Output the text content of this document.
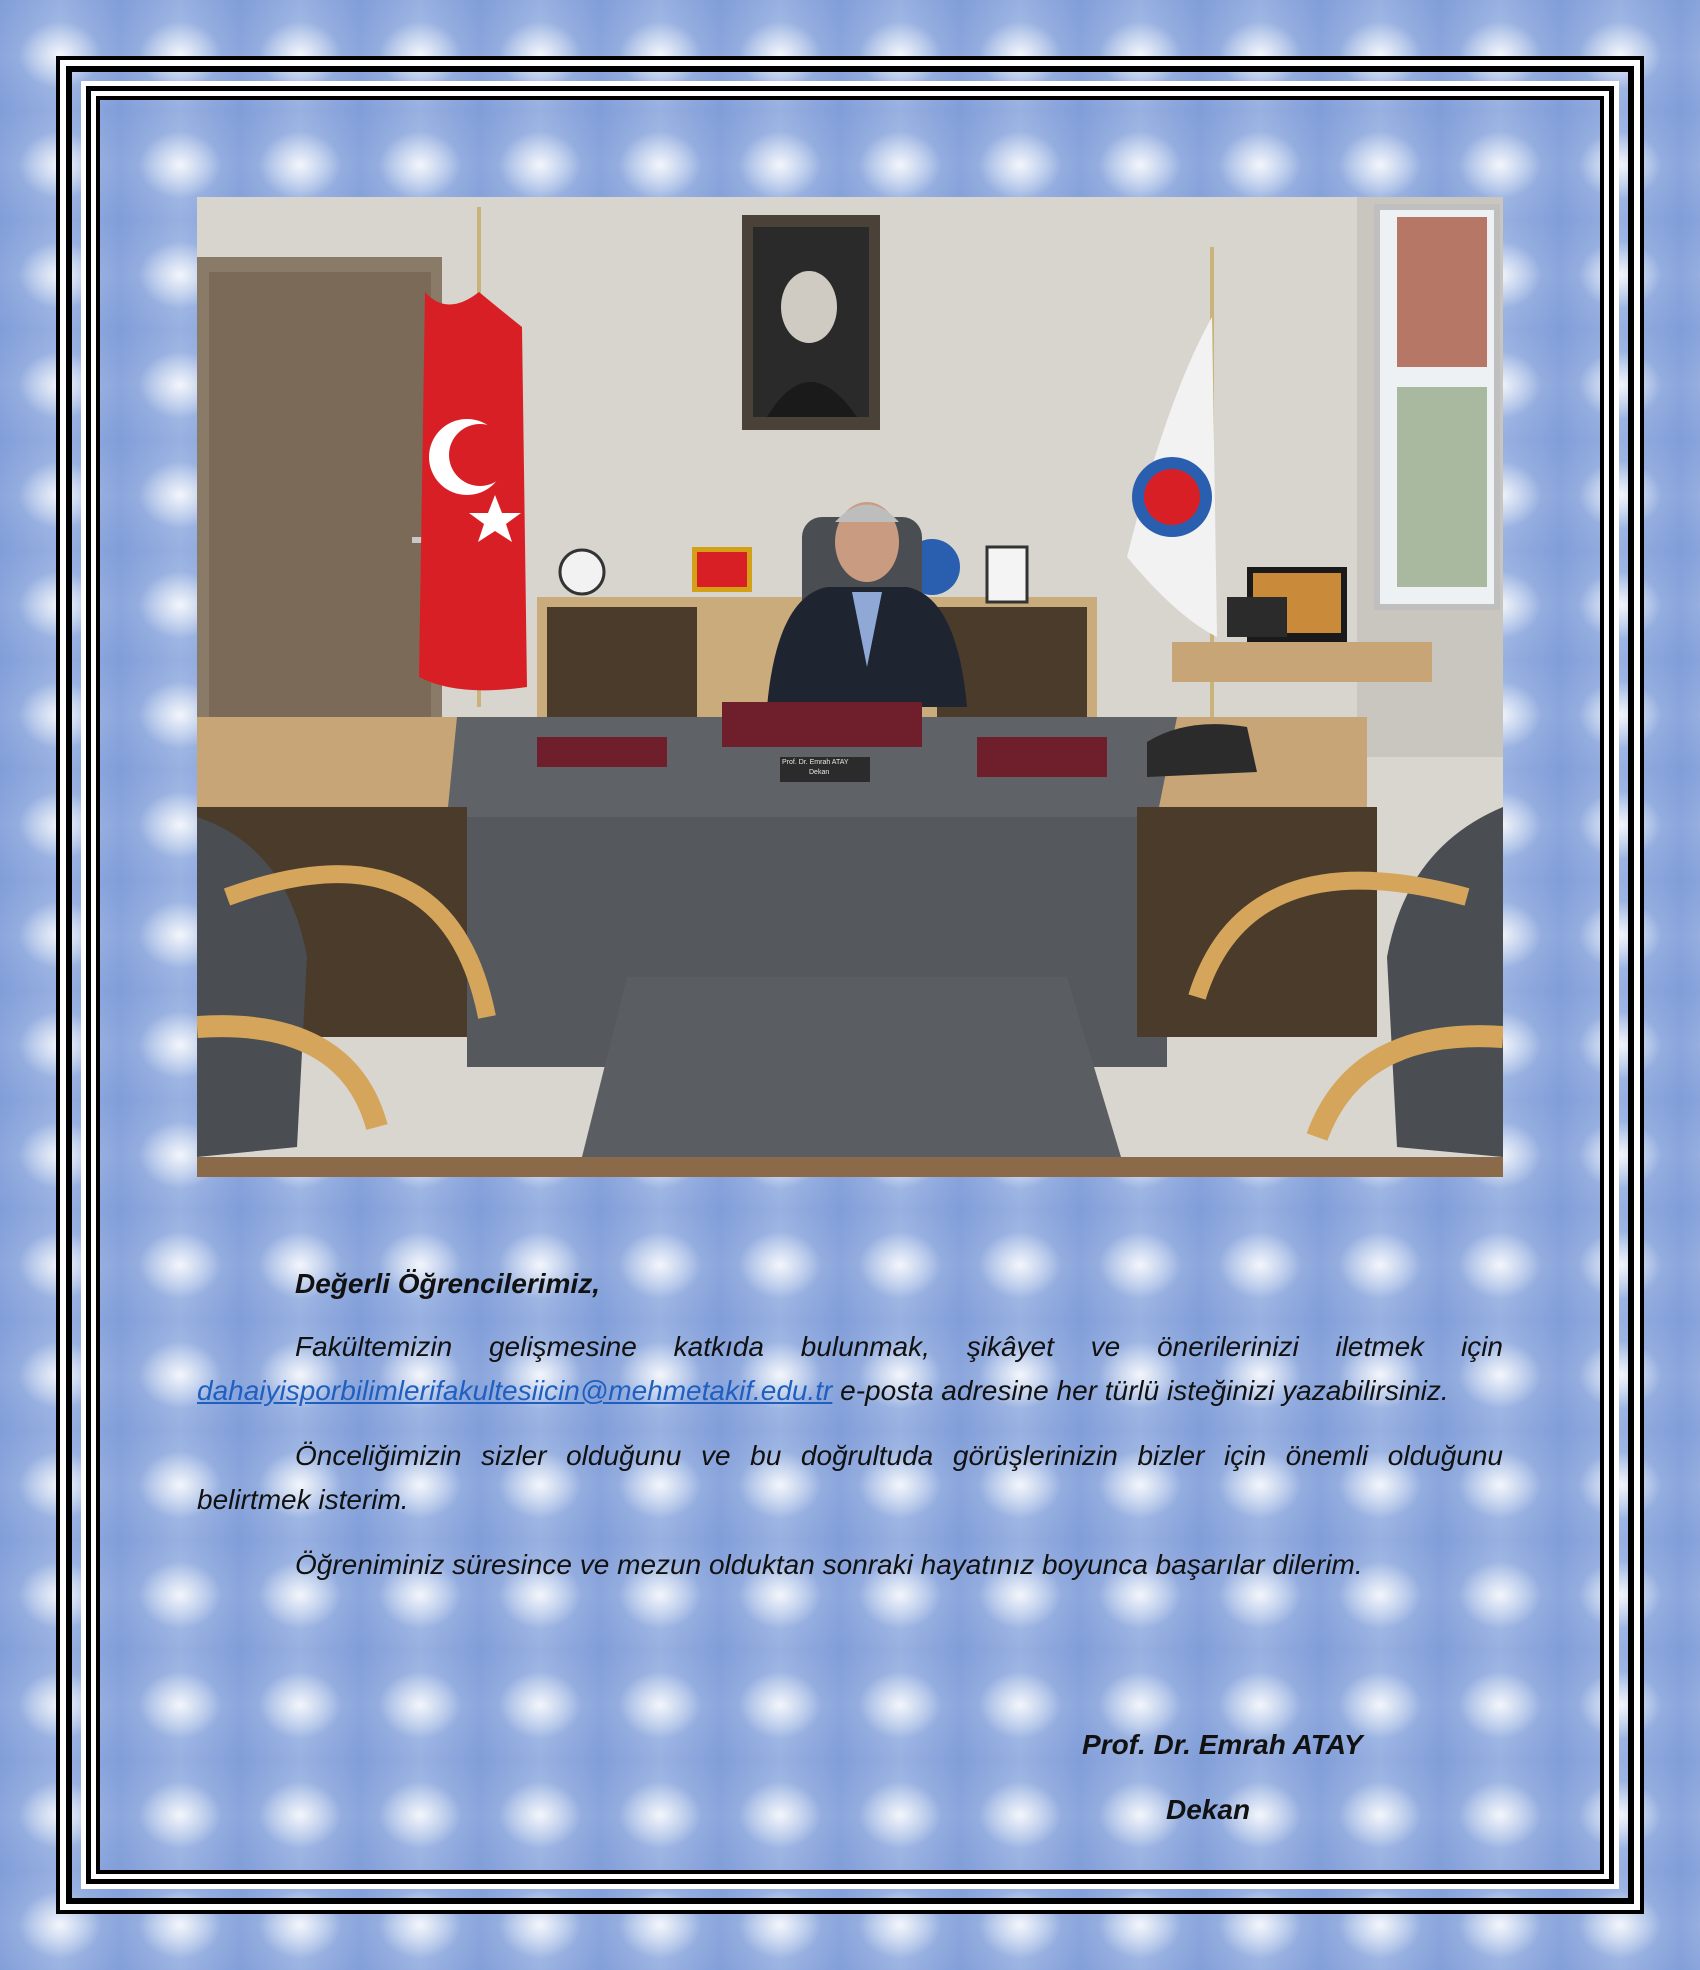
Prof. Dr. Emrah ATAY
Dekan

Değerli Öğrencilerimiz,

Fakültemizin gelişmesine katkıda bulunmak, şikâyet ve önerilerinizi iletmek için dahaiyisporbilimlerifakultesiicin@mehmetakif.edu.tr e-posta adresine her türlü isteğinizi yazabilirsiniz.

Önceliğimizin sizler olduğunu ve bu doğrultuda görüşlerinizin bizler için önemli olduğunu belirtmek isterim.

Öğreniminiz süresince ve mezun olduktan sonraki hayatınız boyunca başarılar dilerim.

Prof. Dr. Emrah ATAY
Dekan
